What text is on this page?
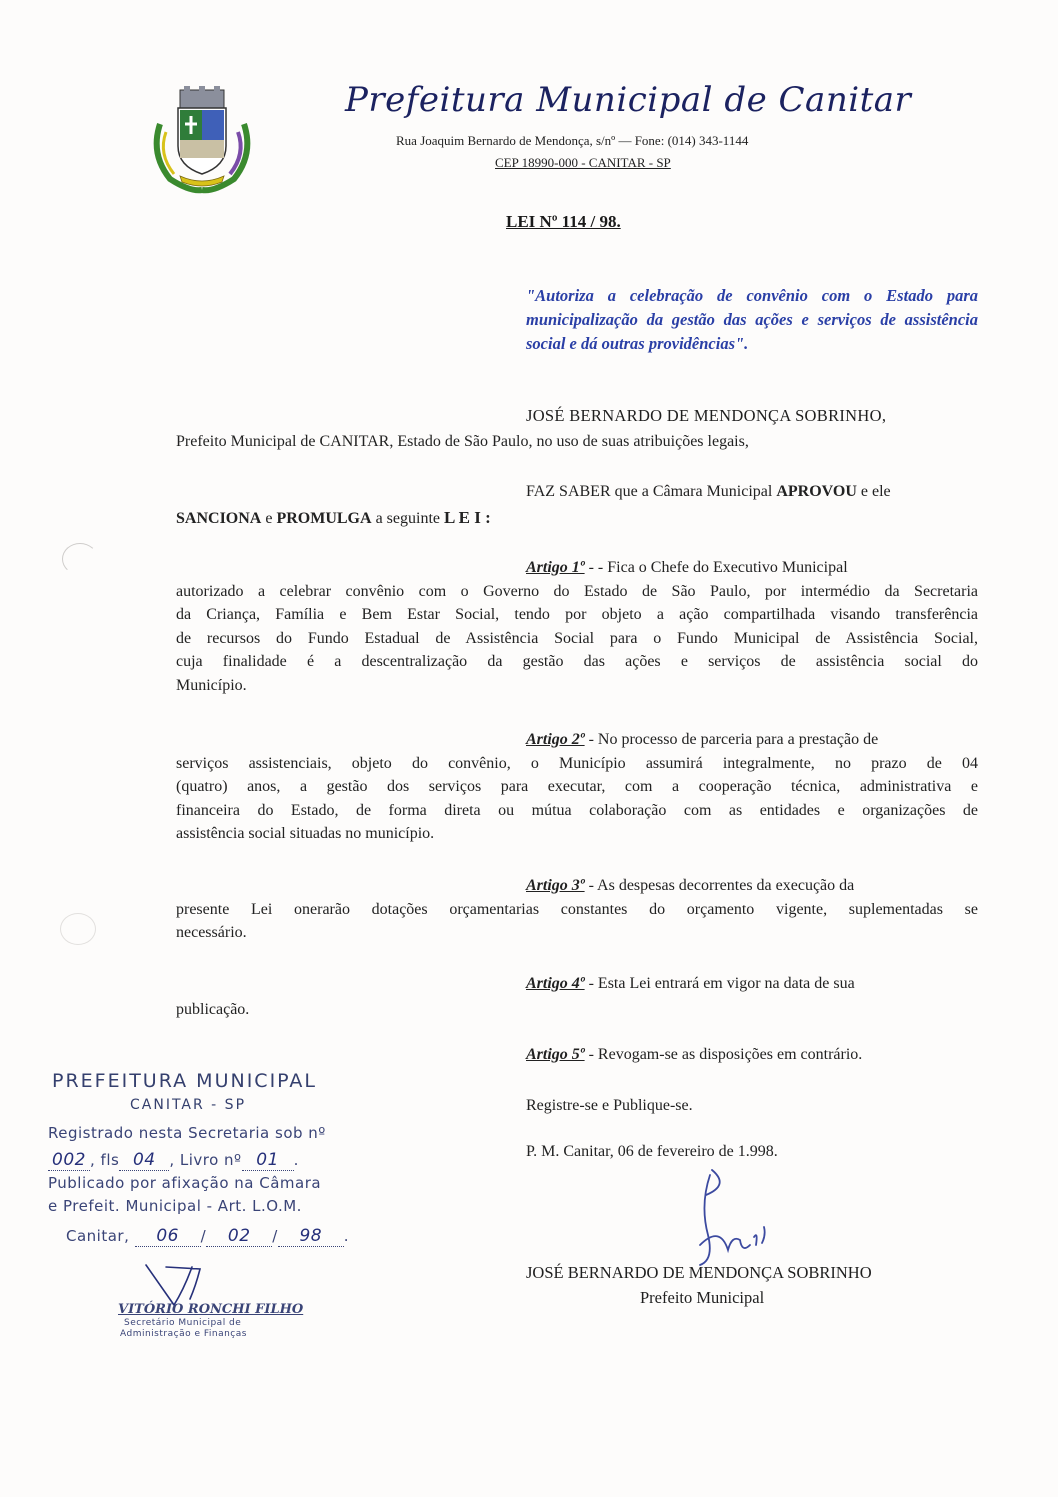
Prefeitura Municipal de Canitar
Rua Joaquim Bernardo de Mendonça, s/nº — Fone: (014) 343-1144
CEP 18990-000 - CANITAR - SP
LEI Nº 114 / 98.
"Autoriza a celebração de convênio com o Estado para municipalização da gestão das ações e serviços de assistência social e dá outras providências".
JOSÉ BERNARDO DE MENDONÇA SOBRINHO,
Prefeito Municipal de CANITAR, Estado de São Paulo, no uso de suas atribuições legais,
FAZ SABER que a Câmara Municipal APROVOU e ele
SANCIONA e PROMULGA a seguinte L E I :
Artigo 1º - - Fica o Chefe do Executivo Municipal
autorizado a celebrar convênio com o Governo do Estado de São Paulo, por intermédio da Secretaria
da Criança, Família e Bem Estar Social, tendo por objeto a ação compartilhada visando transferência
de recursos do Fundo Estadual de Assistência Social para o Fundo Municipal de Assistência Social,
cuja finalidade é a descentralização da gestão das ações e serviços de assistência social do
Município.
Artigo 2º - No processo de parceria para a prestação de
serviços assistenciais, objeto do convênio, o Município assumirá integralmente, no prazo de 04
(quatro) anos, a gestão dos serviços para executar, com a cooperação técnica, administrativa e
financeira do Estado, de forma direta ou mútua colaboração com as entidades e organizações de
assistência social situadas no município.
Artigo 3º - As despesas decorrentes da execução da
presente Lei onerarão dotações orçamentarias constantes do orçamento vigente, suplementadas se
necessário.
Artigo 4º - Esta Lei entrará em vigor na data de sua
publicação.
Artigo 5º - Revogam-se as disposições em contrário.
Registre-se e Publique-se.
P. M. Canitar, 06 de fevereiro de 1.998.
JOSÉ BERNARDO DE MENDONÇA SOBRINHO
Prefeito Municipal
PREFEITURA MUNICIPAL
CANITAR - SP
Registrado nesta Secretaria sob nº
002 , fls 04 , Livro nº 01 .
Publicado por afixação na Câmara
e Prefeit. Municipal - Art. L.O.M.
Canitar, 06 / 02 / 98 .
VITÓRIO RONCHI FILHO
Secretário Municipal de
Administração e Finanças
